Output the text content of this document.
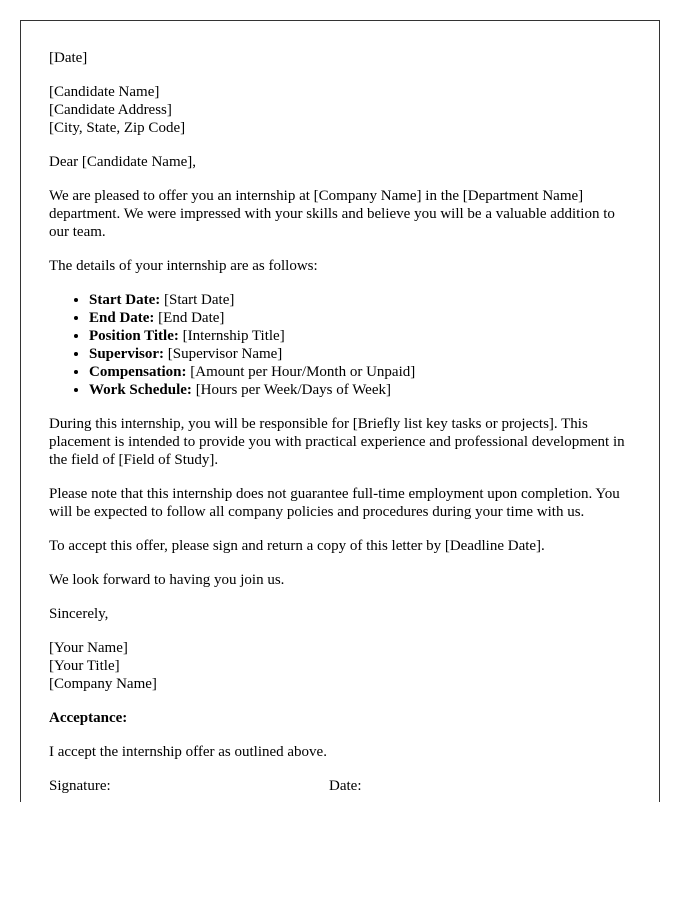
[Date]

[Candidate Name]
[Candidate Address]
[City, State, Zip Code]

Dear [Candidate Name],

We are pleased to offer you an internship at [Company Name] in the [Department Name] department. We were impressed with your skills and believe you will be a valuable addition to our team.

The details of your internship are as follows:

• Start Date: [Start Date]
• End Date: [End Date]
• Position Title: [Internship Title]
• Supervisor: [Supervisor Name]
• Compensation: [Amount per Hour/Month or Unpaid]
• Work Schedule: [Hours per Week/Days of Week]

During this internship, you will be responsible for [Briefly list key tasks or projects]. This placement is intended to provide you with practical experience and professional development in the field of [Field of Study].

Please note that this internship does not guarantee full-time employment upon completion. You will be expected to follow all company policies and procedures during your time with us.

To accept this offer, please sign and return a copy of this letter by [Deadline Date].

We look forward to having you join us.

Sincerely,

[Your Name]
[Your Title]
[Company Name]

Acceptance:

I accept the internship offer as outlined above.

Signature:	Date:
